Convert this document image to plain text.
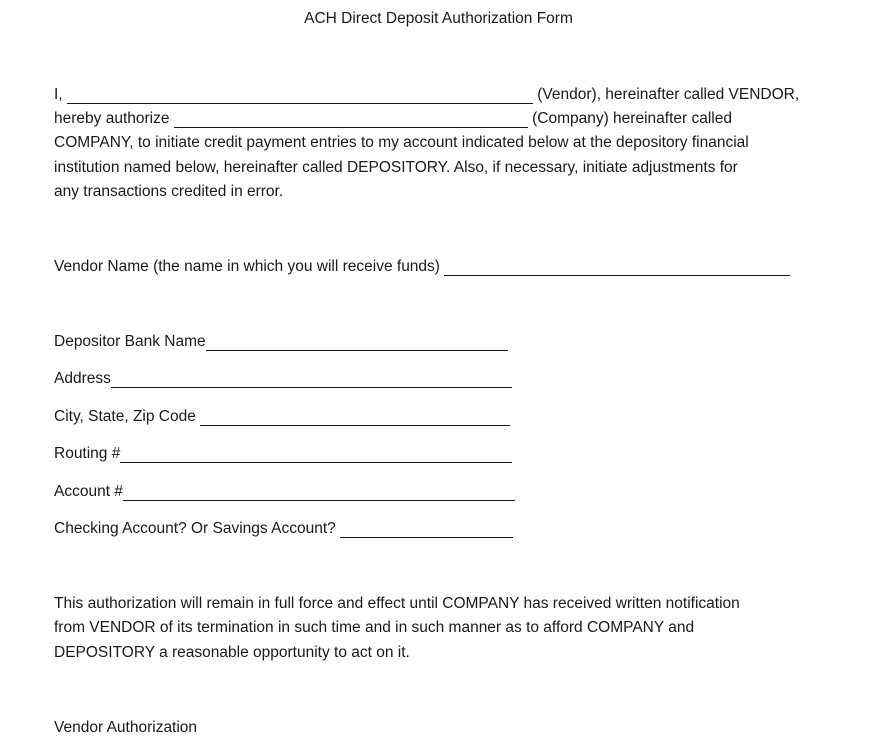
ACH Direct Deposit Authorization Form
I,	(Vendor), hereinafter called VENDOR,
hereby authorize	(Company) hereinafter called
COMPANY, to initiate credit payment entries to my account indicated below at the depository financial
institution named below, hereinafter called DEPOSITORY. Also, if necessary, initiate adjustments for
any transactions credited in error.
Vendor Name (the name in which you will receive funds)
Depositor Bank Name
Address
City, State, Zip Code
Routing #
Account #
Checking Account? Or Savings Account?
This authorization will remain in full force and effect until COMPANY has received written notification
from VENDOR of its termination in such time and in such manner as to afford COMPANY and
DEPOSITORY a reasonable opportunity to act on it.
Vendor Authorization
